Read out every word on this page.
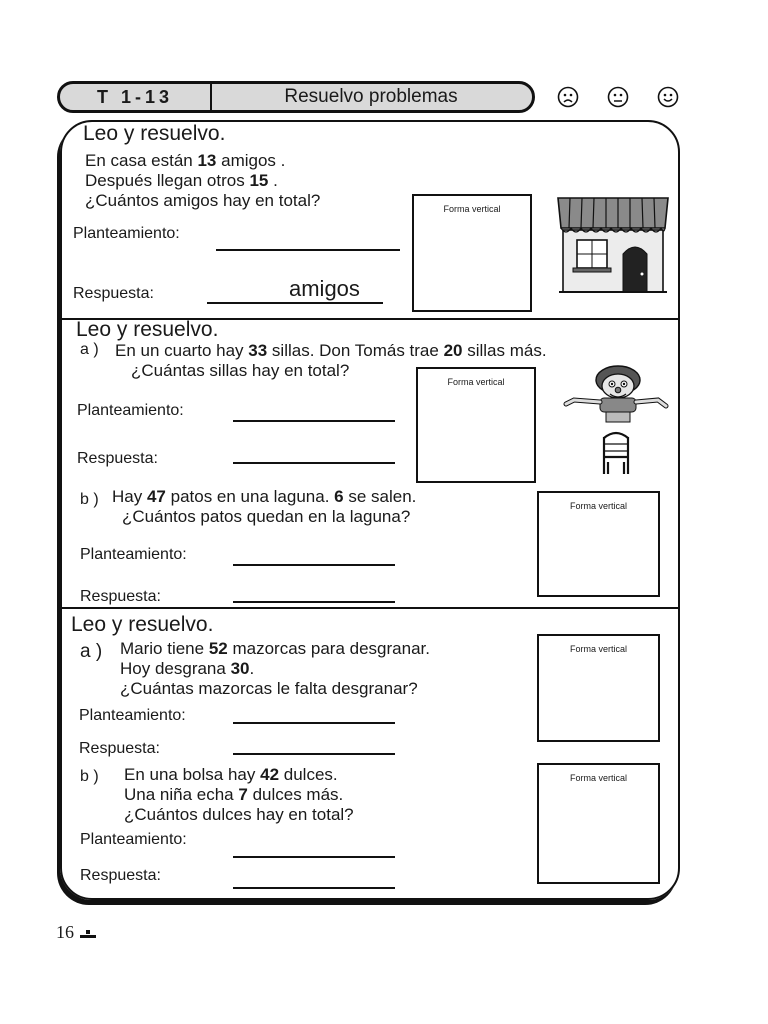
T 1-13	Resuelvo problemas
Leo y resuelvo.
En casa están 13 amigos .
Después llegan otros 15 .
¿Cuántos amigos hay en total?
Planteamiento:
Respuesta:	amigos
Forma vertical
Leo y resuelvo.
a ) En un cuarto hay 33 sillas. Don Tomás trae 20 sillas más.
¿Cuántas sillas hay en total?
Planteamiento:
Respuesta:
Forma vertical
b ) Hay 47 patos en una laguna. 6 se salen.
¿Cuántos patos quedan en la laguna?
Planteamiento:
Respuesta:
Forma vertical
Leo y resuelvo.
a ) Mario tiene 52 mazorcas para desgranar.
Hoy desgrana 30.
¿Cuántas mazorcas le falta desgranar?
Planteamiento:
Respuesta:
Forma vertical
b ) En una bolsa hay 42 dulces.
Una niña echa 7 dulces más.
¿Cuántos dulces hay en total?
Planteamiento:
Respuesta:
Forma vertical
16
